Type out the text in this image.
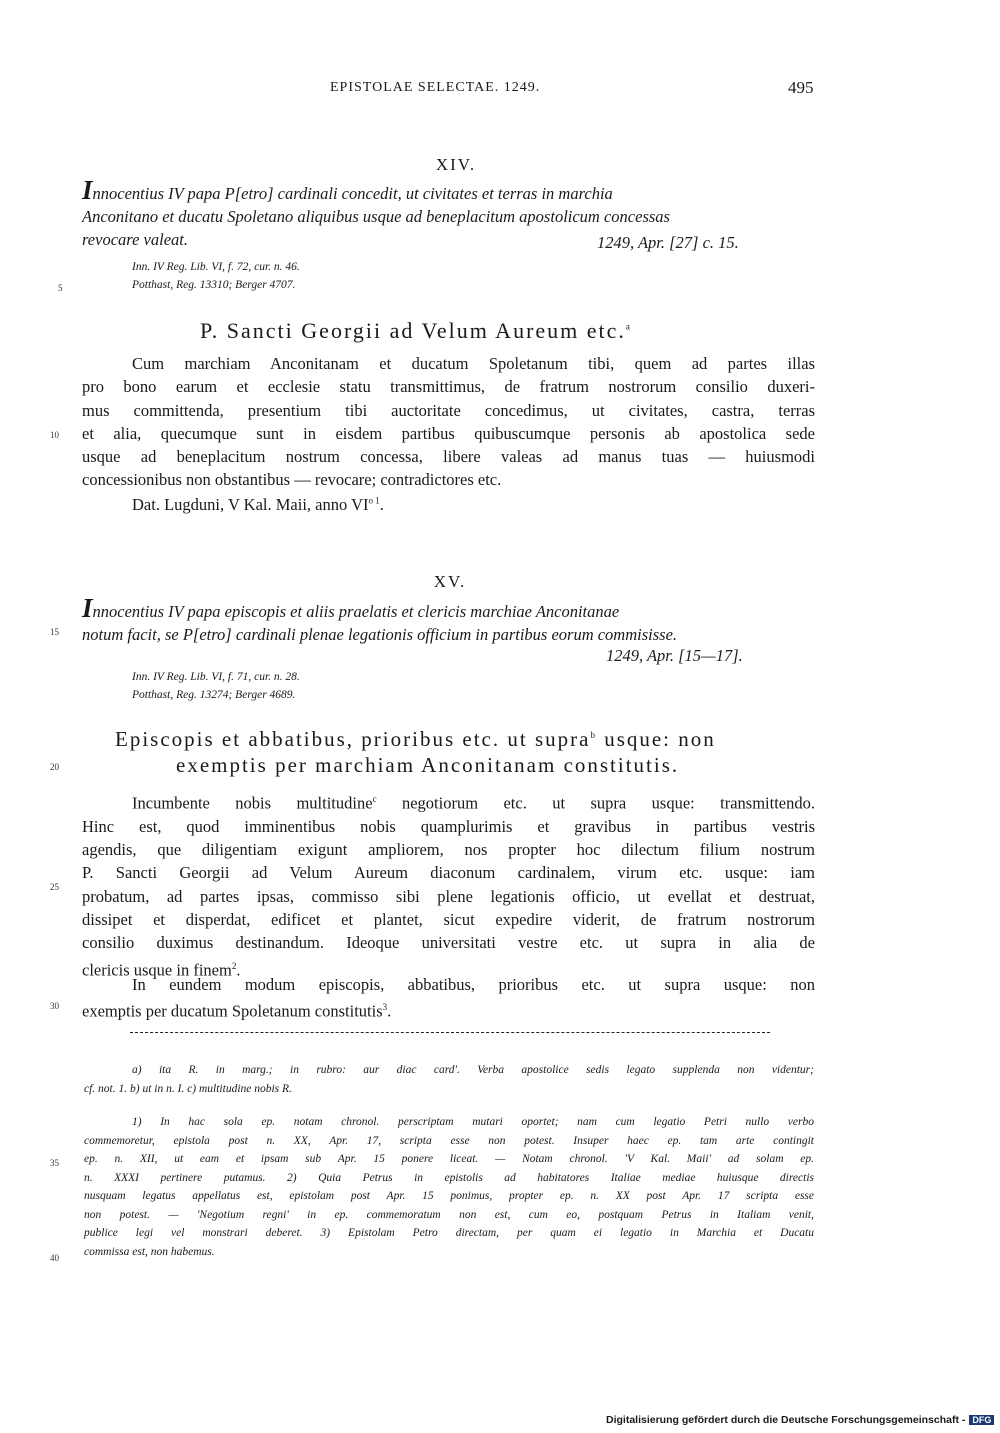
EPISTOLAE SELECTAE. 1249.	495
XIV.
Innocentius IV papa P[etro] cardinali concedit, ut civitates et terras in marchia
Anconitano et ducatu Spoletano aliquibus usque ad beneplacitum apostolicum concessas
revocare valeat.	1249, Apr. [27] c. 15.
Inn. IV Reg. Lib. VI, f. 72, cur. n. 46.
Potthast, Reg. 13310; Berger 4707.
P. Sancti Georgii ad Velum Aureum etc.$^a$
Cum marchiam Anconitanam et ducatum Spoletanum tibi, quem ad partes illas
pro bono earum et ecclesie statu transmittimus, de fratrum nostrorum consilio duxeri-
mus committenda, presentium tibi auctoritate concedimus, ut civitates, castra, terras
et alia, quecumque sunt in eisdem partibus quibuscumque personis ab apostolica sede
usque ad beneplacitum nostrum concessa, libere valeas ad manus tuas — huiusmodi
concessionibus non obstantibus — revocare; contradictores etc.
Dat. Lugduni, V Kal. Maii, anno $VI^{o 1}$.
XV.
Innocentius IV papa episcopis et aliis praelatis et clericis marchiae Anconitanae
notum facit, se P[etro] cardinali plenae legationis officium in partibus eorum commisisse.
1249, Apr. [15—17].
Inn. IV Reg. Lib. VI, f. 71, cur. n. 28.
Potthast, Reg. 13274; Berger 4689.
Episcopis et abbatibus, prioribus etc. ut supra$^b$ usque: non
exemptis per marchiam Anconitanam constitutis.
Incumbente nobis multitudine$^c$ negotiorum etc. ut supra usque: transmittendo.
Hinc est, quod imminentibus nobis quamplurimis et gravibus in partibus vestris
agendis, que diligentiam exigunt ampliorem, nos propter hoc dilectum filium nostrum
P. Sancti Georgii ad Velum Aureum diaconum cardinalem, virum etc. usque: iam
probatum, ad partes ipsas, commisso sibi plene legationis officio, ut evellat et destruat,
dissipet et disperdat, edificet et plantet, sicut expedire viderit, de fratrum nostrorum
consilio duximus destinandum. Ideoque universitati vestre etc. ut supra in alia de
clericis usque in finem$^2$.
In eundem modum episcopis, abbatibus, prioribus etc. ut supra usque: non
exemptis per ducatum Spoletanum constitutis$^3$.
5
10
15
20
25
30
35
40
a) ita R. in marg.; in rubro: aur diac card'. Verba apostolice sedis legato supplenda non videntur;
cf. not. 1. b) ut in n. I. c) multitudine nobis R.
1) In hac sola ep. notam chronol. perscriptam mutari oportet; nam cum legatio Petri nullo verbo
commemoretur, epistola post n. XX, Apr. 17, scripta esse non potest. Insuper haec ep. tam arte contingit
ep. n. XII, ut eam et ipsam sub Apr. 15 ponere liceat. — Notam chronol. 'V Kal. Maii' ad solam ep.
n. XXXI pertinere putamus. 2) Quia Petrus in epistolis ad habitatores Italiae mediae huiusque directis
nusquam legatus appellatus est, epistolam post Apr. 15 ponimus, propter ep. n. XX post Apr. 17 scripta esse
non potest. — 'Negotium regni' in ep. commemoratum non est, cum eo, postquam Petrus in Italiam venit,
publice legi vel monstrari deberet. 3) Epistolam Petro directam, per quam ei legatio in Marchia et Ducatu
commissa est, non habemus.
Digitalisierung gefördert durch die Deutsche Forschungsgemeinschaft - DFG
